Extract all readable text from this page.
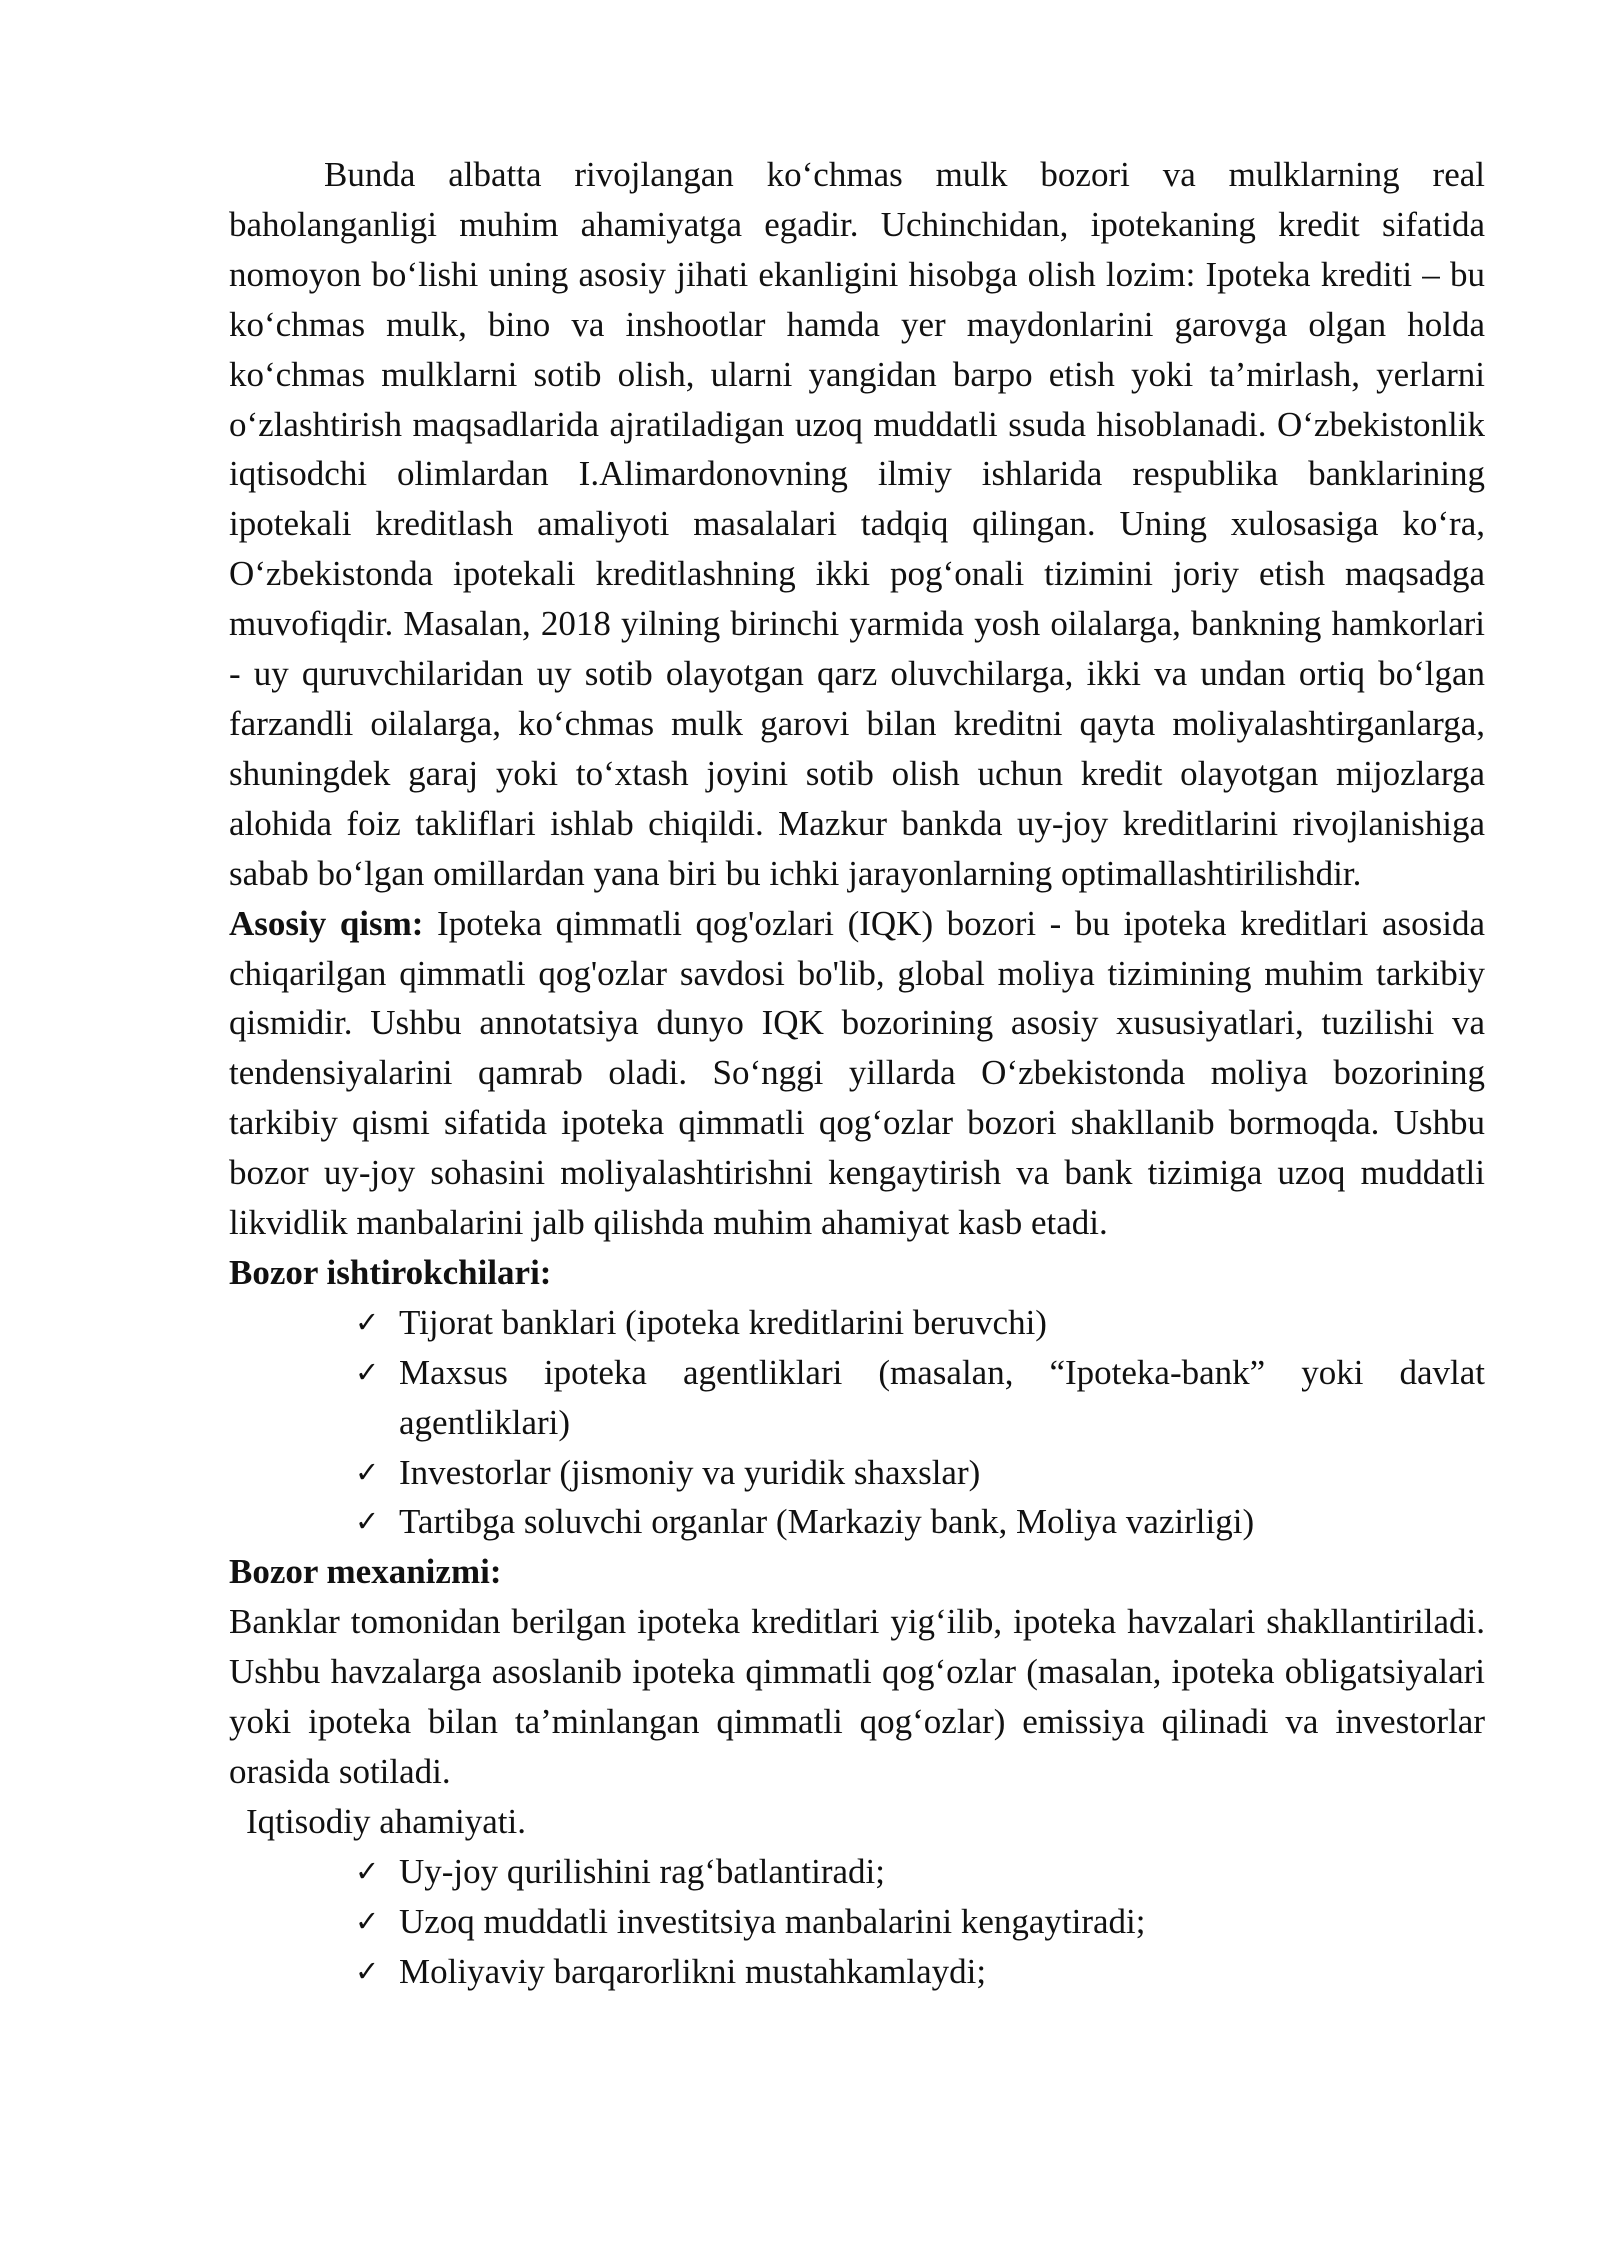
Bunda albatta rivojlangan ko‘chmas mulk bozori va mulklarning real baholanganligi muhim ahamiyatga egadir. Uchinchidan, ipotekaning kredit sifatida nomoyon bo‘lishi uning asosiy jihati ekanligini hisobga olish lozim: Ipoteka krediti – bu ko‘chmas mulk, bino va inshootlar hamda yer maydonlarini garovga olgan holda ko‘chmas mulklarni sotib olish, ularni yangidan barpo etish yoki ta’mirlash, yerlarni o‘zlashtirish maqsadlarida ajratiladigan uzoq muddatli ssuda hisoblanadi. O‘zbekistonlik iqtisodchi olimlardan I.Alimardonovning ilmiy ishlarida respublika banklarining ipotekali kreditlash amaliyoti masalalari tadqiq qilingan. Uning xulosasiga ko‘ra, O‘zbekistonda ipotekali kreditlashning ikki pog‘onali tizimini joriy etish maqsadga muvofiqdir. Masalan, 2018 yilning birinchi yarmida yosh oilalarga, bankning hamkorlari - uy quruvchilaridan uy sotib olayotgan qarz oluvchilarga, ikki va undan ortiq bo‘lgan farzandli oilalarga, ko‘chmas mulk garovi bilan kreditni qayta moliyalashtirganlarga, shuningdek garaj yoki to‘xtash joyini sotib olish uchun kredit olayotgan mijozlarga alohida foiz takliflari ishlab chiqildi. Mazkur bankda uy-joy kreditlarini rivojlanishiga sabab bo‘lgan omillardan yana biri bu ichki jarayonlarning optimallashtirilishdir.

Asosiy qism: Ipoteka qimmatli qog'ozlari (IQK) bozori - bu ipoteka kreditlari asosida chiqarilgan qimmatli qog'ozlar savdosi bo'lib, global moliya tizimining muhim tarkibiy qismidir. Ushbu annotatsiya dunyo IQK bozorining asosiy xususiyatlari, tuzilishi va tendensiyalarini qamrab oladi. So‘nggi yillarda O‘zbekistonda moliya bozorining tarkibiy qismi sifatida ipoteka qimmatli qog‘ozlar bozori shakllanib bormoqda. Ushbu bozor uy-joy sohasini moliyalashtirishni kengaytirish va bank tizimiga uzoq muddatli likvidlik manbalarini jalb qilishda muhim ahamiyat kasb etadi.

Bozor ishtirokchilari:

✓ Tijorat banklari (ipoteka kreditlarini beruvchi)
✓ Maxsus ipoteka agentliklari (masalan, “Ipoteka-bank” yoki davlat agentliklari)
✓ Investorlar (jismoniy va yuridik shaxslar)
✓ Tartibga soluvchi organlar (Markaziy bank, Moliya vazirligi)

Bozor mexanizmi:

Banklar tomonidan berilgan ipoteka kreditlari yig‘ilib, ipoteka havzalari shakllantiriladi. Ushbu havzalarga asoslanib ipoteka qimmatli qog‘ozlar (masalan, ipoteka obligatsiyalari yoki ipoteka bilan ta’minlangan qimmatli qog‘ozlar) emissiya qilinadi va investorlar orasida sotiladi.

Iqtisodiy ahamiyati.

✓ Uy-joy qurilishini rag‘batlantiradi;
✓ Uzoq muddatli investitsiya manbalarini kengaytiradi;
✓ Moliyaviy barqarorlikni mustahkamlaydi;
